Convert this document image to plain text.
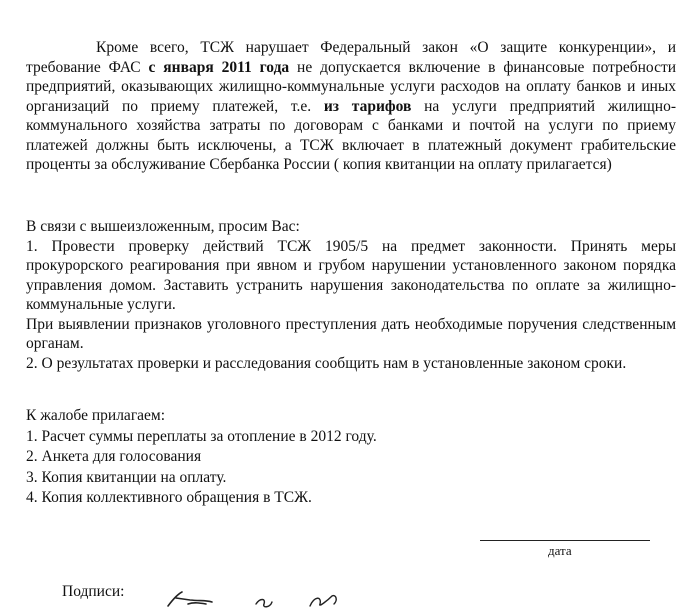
Кроме всего, ТСЖ нарушает Федеральный закон «О защите конкуренции», и требование ФАС с января 2011 года не допускается включение в финансовые потребности предприятий, оказывающих жилищно-коммунальные услуги расходов на оплату банков и иных организаций по приему платежей, т.е. из тарифов на услуги предприятий жилищно-коммунального хозяйства затраты по договорам с банками и почтой на услуги по приему платежей должны быть исключены, а ТСЖ включает в платежный документ грабительские проценты за обслуживание Сбербанка России ( копия квитанции на оплату прилагается)
В связи с вышеизложенным, просим Вас:
1. Провести проверку действий ТСЖ 1905/5 на предмет законности. Принять меры прокурорского реагирования при явном и грубом нарушении установленного законом порядка управления домом. Заставить устранить нарушения законодательства по оплате за жилищно-коммунальные услуги.
При выявлении признаков уголовного преступления дать необходимые поручения следственным органам.
2. О результатах проверки и расследования сообщить нам в установленные законом сроки.
К жалобе прилагаем:
1. Расчет суммы переплаты за отопление в 2012 году.
2. Анкета для голосования
3. Копия квитанции на оплату.
4. Копия коллективного обращения в ТСЖ.
дата
Подписи:
